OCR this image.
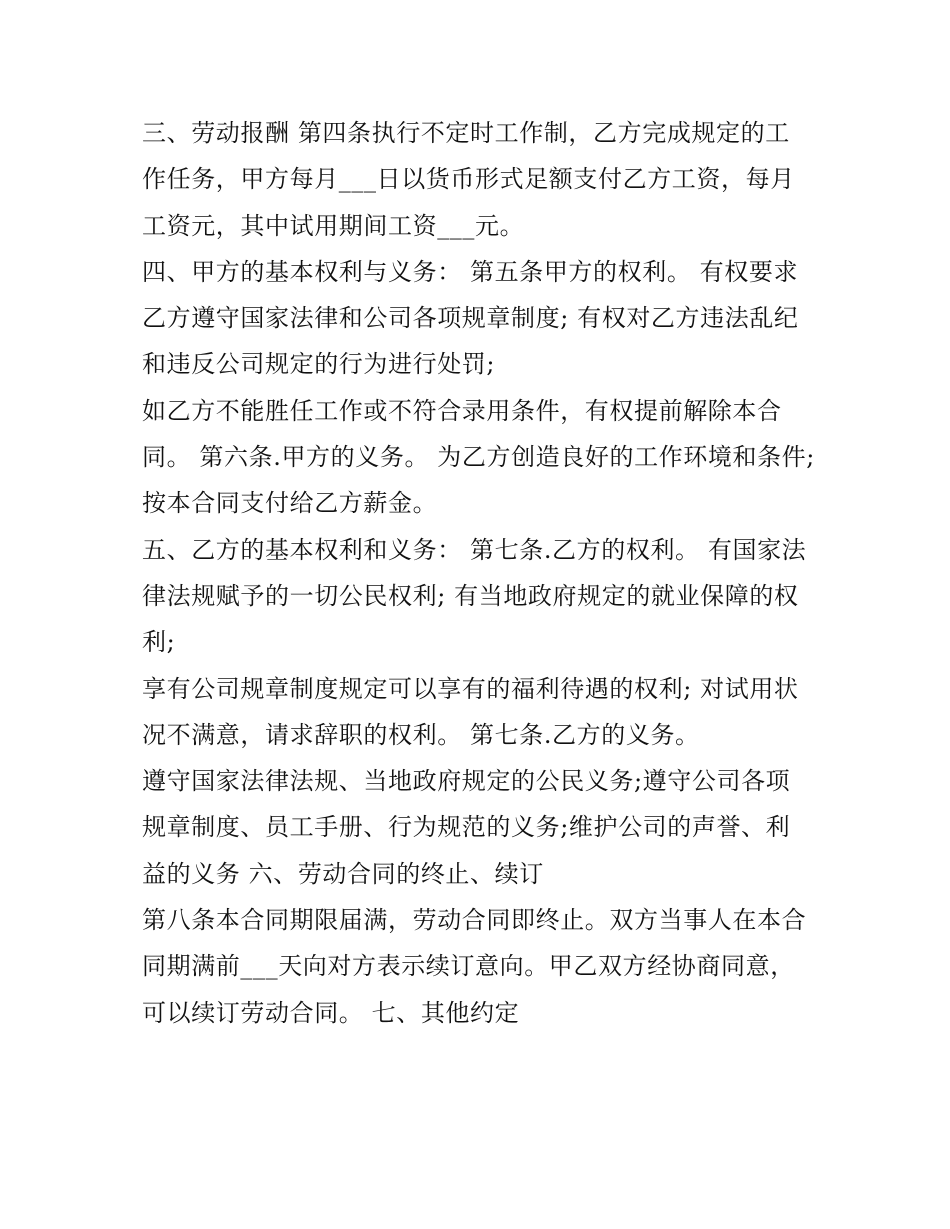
三、劳动报酬 第四条执行不定时工作制，乙方完成规定的工
作任务，甲方每月___日以货币形式足额支付乙方工资，每月
工资元，其中试用期间工资___元。
四、甲方的基本权利与义务： 第五条甲方的权利。 有权要求
乙方遵守国家法律和公司各项规章制度; 有权对乙方违法乱纪
和违反公司规定的行为进行处罚;
如乙方不能胜任工作或不符合录用条件，有权提前解除本合
同。 第六条.甲方的义务。 为乙方创造良好的工作环境和条件;
按本合同支付给乙方薪金。
五、乙方的基本权利和义务： 第七条.乙方的权利。 有国家法
律法规赋予的一切公民权利; 有当地政府规定的就业保障的权
利;
享有公司规章制度规定可以享有的福利待遇的权利; 对试用状
况不满意，请求辞职的权利。 第七条.乙方的义务。
遵守国家法律法规、当地政府规定的公民义务;遵守公司各项
规章制度、员工手册、行为规范的义务;维护公司的声誉、利
益的义务 六、劳动合同的终止、续订
第八条本合同期限届满，劳动合同即终止。双方当事人在本合
同期满前___天向对方表示续订意向。甲乙双方经协商同意，
可以续订劳动合同。 七、其他约定
